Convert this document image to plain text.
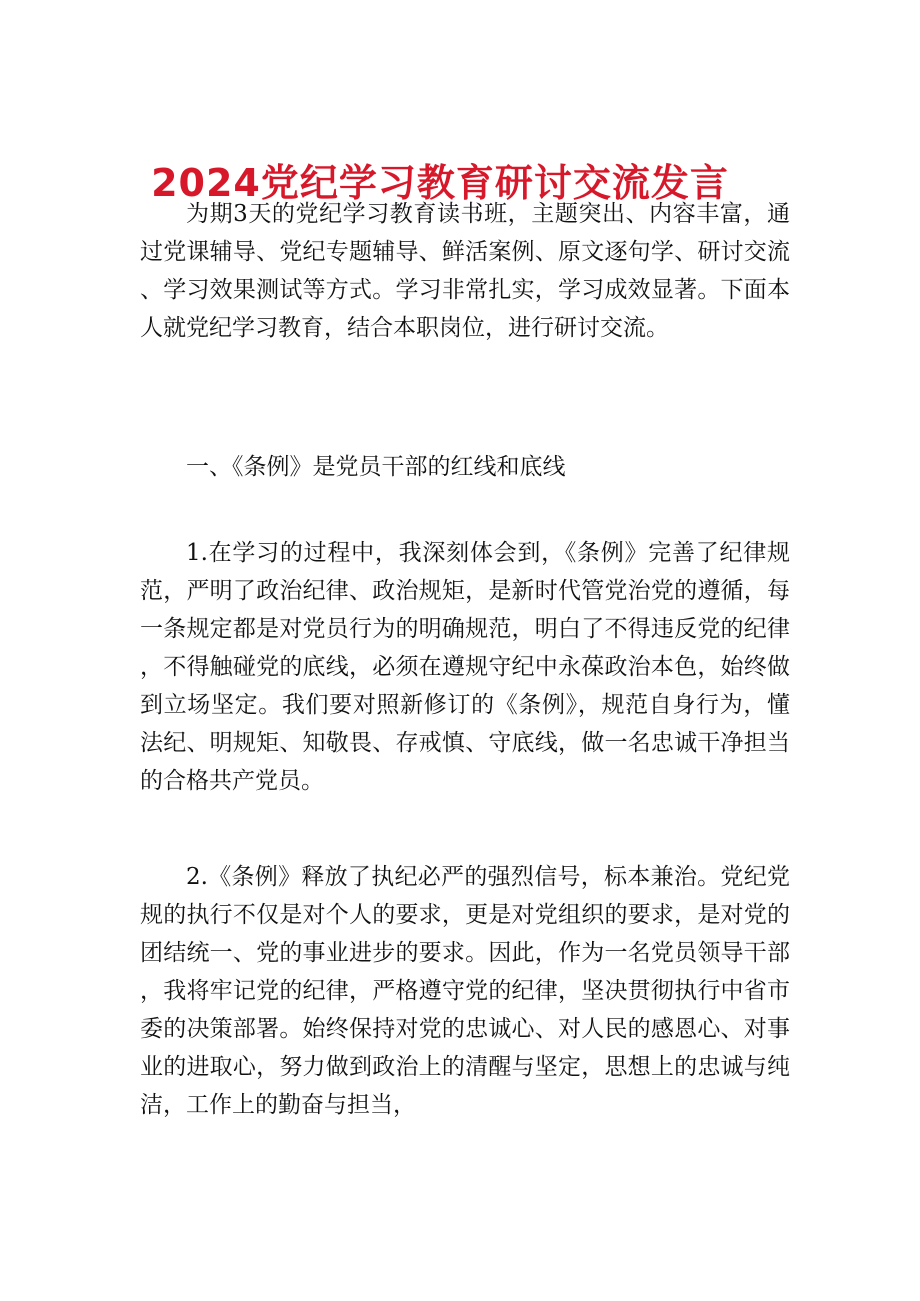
2024党纪学习教育研讨交流发言

为期3天的党纪学习教育读书班，主题突出、内容丰富，通过党课辅导、党纪专题辅导、鲜活案例、原文逐句学、研讨交流、学习效果测试等方式。学习非常扎实，学习成效显著。下面本人就党纪学习教育，结合本职岗位，进行研讨交流。

一、《条例》是党员干部的红线和底线

1.在学习的过程中，我深刻体会到，《条例》完善了纪律规范，严明了政治纪律、政治规矩，是新时代管党治党的遵循，每一条规定都是对党员行为的明确规范，明白了不得违反党的纪律，不得触碰党的底线，必须在遵规守纪中永葆政治本色，始终做到立场坚定。我们要对照新修订的《条例》，规范自身行为，懂法纪、明规矩、知敬畏、存戒慎、守底线，做一名忠诚干净担当的合格共产党员。

2.《条例》释放了执纪必严的强烈信号，标本兼治。党纪党规的执行不仅是对个人的要求，更是对党组织的要求，是对党的团结统一、党的事业进步的要求。因此，作为一名党员领导干部，我将牢记党的纪律，严格遵守党的纪律，坚决贯彻执行中省市委的决策部署。始终保持对党的忠诚心、对人民的感恩心、对事业的进取心，努力做到政治上的清醒与坚定，思想上的忠诚与纯洁，工作上的勤奋与担当，
